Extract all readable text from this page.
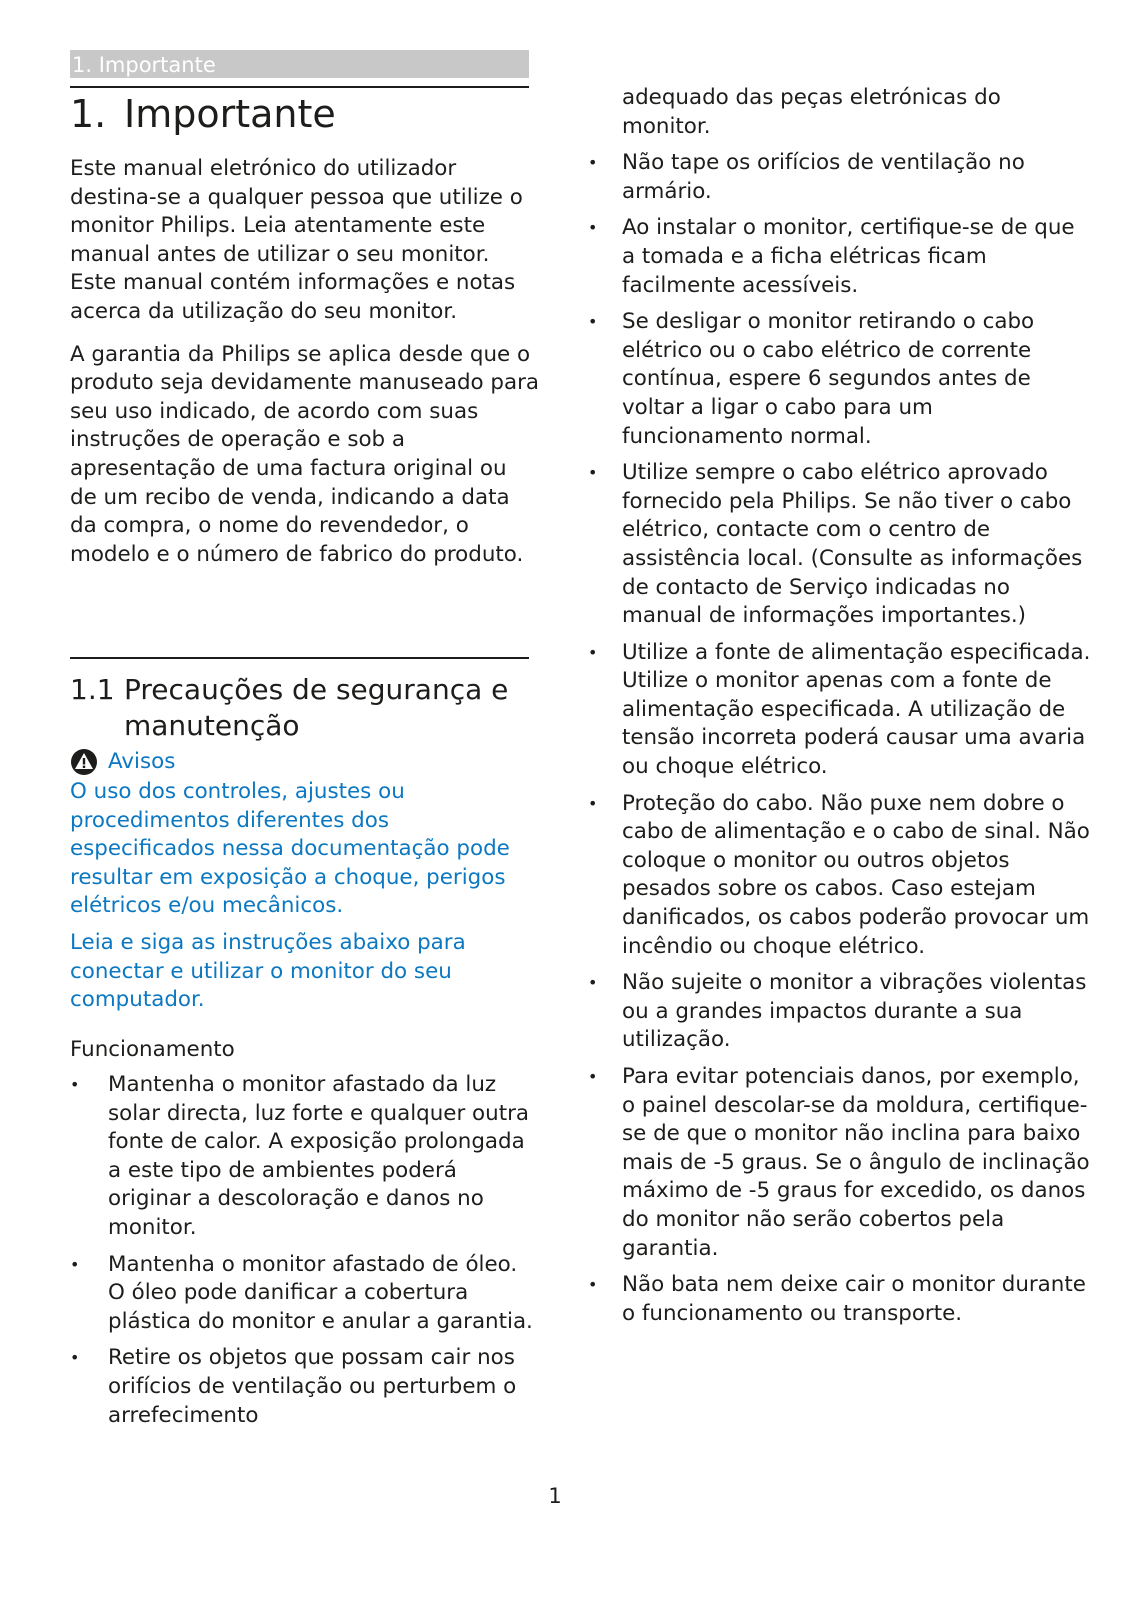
1. Importante
1. Importante

Este manual eletrónico do utilizador destina-se a qualquer pessoa que utilize o monitor Philips. Leia atentamente este manual antes de utilizar o seu monitor. Este manual contém informações e notas acerca da utilização do seu monitor.

A garantia da Philips se aplica desde que o produto seja devidamente manuseado para seu uso indicado, de acordo com suas instruções de operação e sob a apresentação de uma factura original ou de um recibo de venda, indicando a data da compra, o nome do revendedor, o modelo e o número de fabrico do produto.

1.1 Precauções de segurança e manutenção
Avisos

O uso dos controles, ajustes ou procedimentos diferentes dos especificados nessa documentação pode resultar em exposição a choque, perigos elétricos e/ou mecânicos.

Leia e siga as instruções abaixo para conectar e utilizar o monitor do seu computador.

Funcionamento
• Mantenha o monitor afastado da luz solar directa, luz forte e qualquer outra fonte de calor. A exposição prolongada a este tipo de ambientes poderá originar a descoloração e danos no monitor.
• Mantenha o monitor afastado de óleo. O óleo pode danificar a cobertura plástica do monitor e anular a garantia.
• Retire os objetos que possam cair nos orifícios de ventilação ou perturbem o arrefecimento
adequado das peças eletrónicas do monitor.
• Não tape os orifícios de ventilação no armário.
• Ao instalar o monitor, certifique-se de que a tomada e a ficha elétricas ficam facilmente acessíveis.
• Se desligar o monitor retirando o cabo elétrico ou o cabo elétrico de corrente contínua, espere 6 segundos antes de voltar a ligar o cabo para um funcionamento normal.
• Utilize sempre o cabo elétrico aprovado fornecido pela Philips. Se não tiver o cabo elétrico, contacte com o centro de assistência local. (Consulte as informações de contacto de Serviço indicadas no manual de informações importantes.)
• Utilize a fonte de alimentação especificada. Utilize o monitor apenas com a fonte de alimentação especificada. A utilização de tensão incorreta poderá causar uma avaria ou choque elétrico.
• Proteção do cabo. Não puxe nem dobre o cabo de alimentação e o cabo de sinal. Não coloque o monitor ou outros objetos pesados sobre os cabos. Caso estejam danificados, os cabos poderão provocar um incêndio ou choque elétrico.
• Não sujeite o monitor a vibrações violentas ou a grandes impactos durante a sua utilização.
• Para evitar potenciais danos, por exemplo, o painel descolar-se da moldura, certifique-se de que o monitor não inclina para baixo mais de -5 graus. Se o ângulo de inclinação máximo de -5 graus for excedido, os danos do monitor não serão cobertos pela garantia.
• Não bata nem deixe cair o monitor durante o funcionamento ou transporte.
1
